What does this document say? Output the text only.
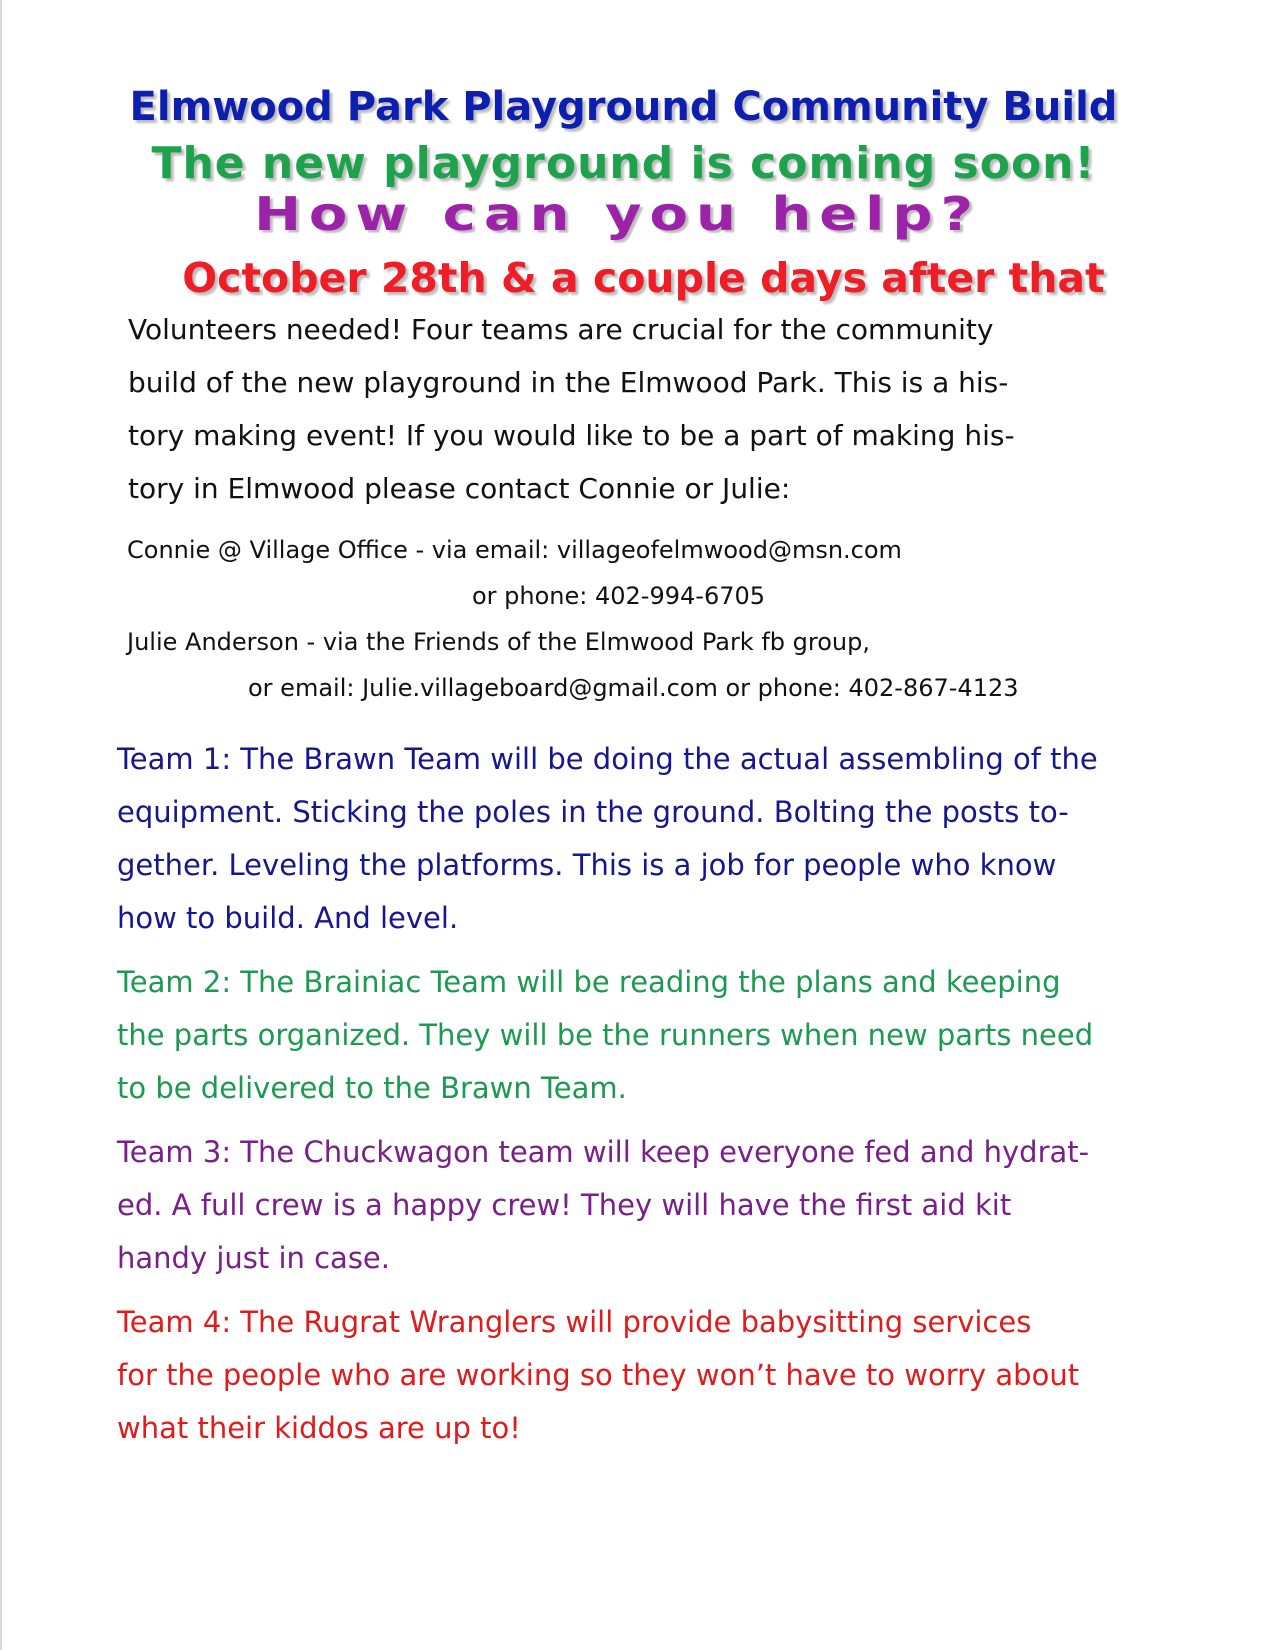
Elmwood Park Playground Community Build
The new playground is coming soon!
How can you help?
October 28th & a couple days after that
Volunteers needed! Four teams are crucial for the community
build of the new playground in the Elmwood Park. This is a his-
tory making event! If you would like to be a part of making his-
tory in Elmwood please contact Connie or Julie:
Connie @ Village Office - via email: villageofelmwood@msn.com
or phone: 402-994-6705
Julie Anderson - via the Friends of the Elmwood Park fb group,
or email: Julie.villageboard@gmail.com or phone: 402-867-4123
Team 1: The Brawn Team will be doing the actual assembling of the
equipment. Sticking the poles in the ground. Bolting the posts to-
gether. Leveling the platforms. This is a job for people who know
how to build. And level.
Team 2: The Brainiac Team will be reading the plans and keeping
the parts organized. They will be the runners when new parts need
to be delivered to the Brawn Team.
Team 3: The Chuckwagon team will keep everyone fed and hydrat-
ed. A full crew is a happy crew! They will have the first aid kit
handy just in case.
Team 4: The Rugrat Wranglers will provide babysitting services
for the people who are working so they won’t have to worry about
what their kiddos are up to!
